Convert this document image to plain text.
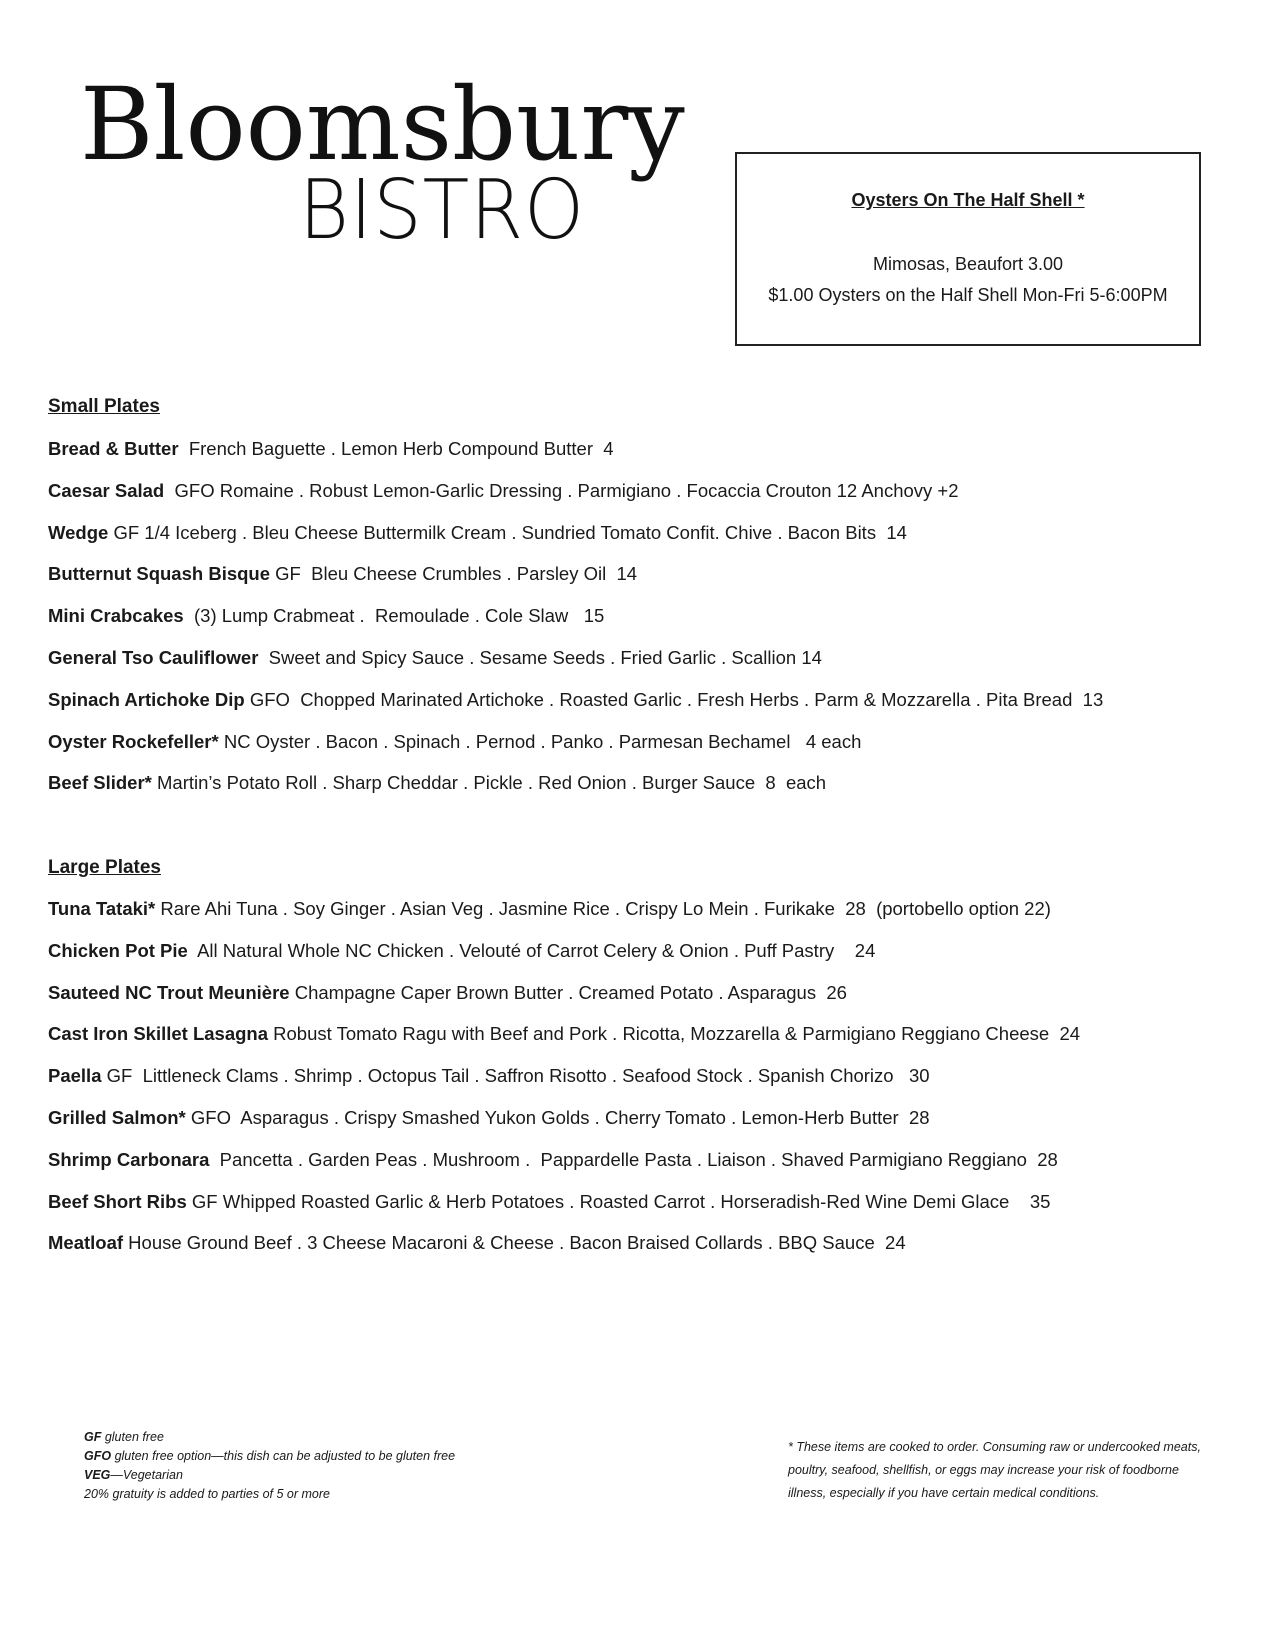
Bloomsbury
BISTRO	Oysters On The Half Shell *
Mimosas, Beaufort 3.00
$1.00 Oysters on the Half Shell Mon-Fri 5-6:00PM
Small Plates
Bread & Butter  French Baguette . Lemon Herb Compound Butter  4
Caesar Salad  GFO Romaine . Robust Lemon-Garlic Dressing . Parmigiano . Focaccia Crouton 12 Anchovy +2
Wedge GF 1/4 Iceberg . Bleu Cheese Buttermilk Cream . Sundried Tomato Confit. Chive . Bacon Bits  14
Butternut Squash Bisque GF  Bleu Cheese Crumbles . Parsley Oil  14
Mini Crabcakes  (3) Lump Crabmeat .  Remoulade . Cole Slaw   15
General Tso Cauliflower  Sweet and Spicy Sauce . Sesame Seeds . Fried Garlic . Scallion 14
Spinach Artichoke Dip GFO  Chopped Marinated Artichoke . Roasted Garlic . Fresh Herbs . Parm & Mozzarella . Pita Bread  13
Oyster Rockefeller* NC Oyster . Bacon . Spinach . Pernod . Panko . Parmesan Bechamel   4 each
Beef Slider* Martin’s Potato Roll . Sharp Cheddar . Pickle . Red Onion . Burger Sauce  8  each
Large Plates
Tuna Tataki* Rare Ahi Tuna . Soy Ginger . Asian Veg . Jasmine Rice . Crispy Lo Mein . Furikake  28  (portobello option 22)
Chicken Pot Pie  All Natural Whole NC Chicken . Velouté of Carrot Celery & Onion . Puff Pastry    24
Sauteed NC Trout Meunière Champagne Caper Brown Butter . Creamed Potato . Asparagus  26
Cast Iron Skillet Lasagna Robust Tomato Ragu with Beef and Pork . Ricotta, Mozzarella & Parmigiano Reggiano Cheese  24
Paella GF  Littleneck Clams . Shrimp . Octopus Tail . Saffron Risotto . Seafood Stock . Spanish Chorizo   30
Grilled Salmon* GFO  Asparagus . Crispy Smashed Yukon Golds . Cherry Tomato . Lemon-Herb Butter  28
Shrimp Carbonara  Pancetta . Garden Peas . Mushroom .  Pappardelle Pasta . Liaison . Shaved Parmigiano Reggiano  28
Beef Short Ribs GF Whipped Roasted Garlic & Herb Potatoes . Roasted Carrot . Horseradish-Red Wine Demi Glace    35
Meatloaf House Ground Beef . 3 Cheese Macaroni & Cheese . Bacon Braised Collards . BBQ Sauce  24
GF gluten free
GFO gluten free option—this dish can be adjusted to be gluten free
VEG—Vegetarian
20% gratuity is added to parties of 5 or more
* These items are cooked to order. Consuming raw or undercooked meats, poultry, seafood, shellfish, or eggs may increase your risk of foodborne illness, especially if you have certain medical conditions.
